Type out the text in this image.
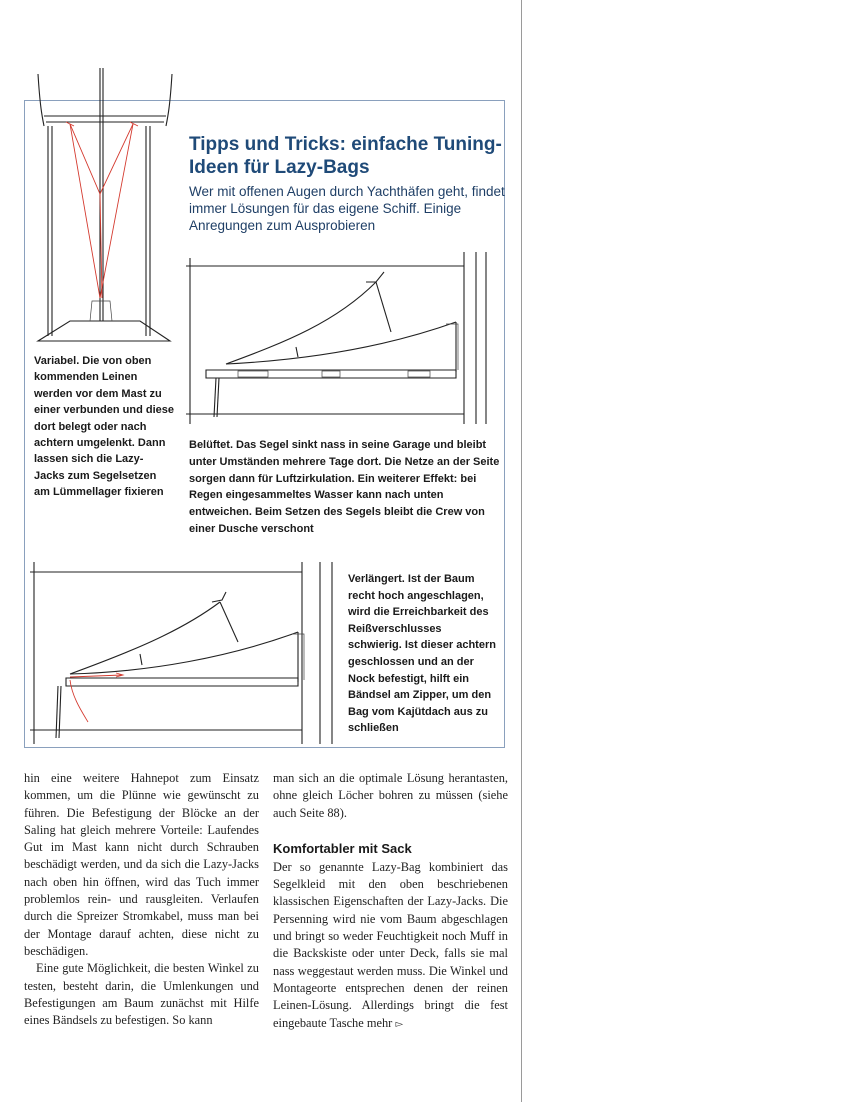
Tipps und Tricks: einfache Tuning-Ideen für Lazy-Bags

Wer mit offenen Augen durch Yachthäfen geht, findet immer Lösungen für das eigene Schiff. Einige Anregungen zum Ausprobieren

Variabel. Die von oben kommenden Leinen werden vor dem Mast zu einer verbunden und diese dort belegt oder nach achtern umgelenkt. Dann lassen sich die Lazy-Jacks zum Segelsetzen am Lümmellager fixieren

Belüftet. Das Segel sinkt nass in seine Garage und bleibt unter Umständen mehrere Tage dort. Die Netze an der Seite sorgen dann für Luftzirkulation. Ein weiterer Effekt: bei Regen eingesammeltes Wasser kann nach unten entweichen. Beim Setzen des Segels bleibt die Crew von einer Dusche verschont

Verlängert. Ist der Baum recht hoch angeschlagen, wird die Erreichbarkeit des Reißverschlusses schwierig. Ist dieser achtern geschlossen und an der Nock befestigt, hilft ein Bändsel am Zipper, um den Bag vom Kajütdach aus zu schließen

hin eine weitere Hahnepot zum Einsatz kommen, um die Plünne wie gewünscht zu führen. Die Befestigung der Blöcke an der Saling hat gleich mehrere Vorteile: Laufendes Gut im Mast kann nicht durch Schrauben beschädigt werden, und da sich die Lazy-Jacks nach oben hin öffnen, wird das Tuch immer problemlos rein- und rausgleiten. Verlaufen durch die Spreizer Stromkabel, muss man bei der Montage darauf achten, diese nicht zu beschädigen.

Eine gute Möglichkeit, die besten Winkel zu testen, besteht darin, die Umlenkungen und Befestigungen am Baum zunächst mit Hilfe eines Bändsels zu befestigen. So kann

man sich an die optimale Lösung herantasten, ohne gleich Löcher bohren zu müssen (siehe auch Seite 88).

Komfortabler mit Sack

Der so genannte Lazy-Bag kombiniert das Segelkleid mit den oben beschriebenen klassischen Eigenschaften der Lazy-Jacks. Die Persenning wird nie vom Baum abgeschlagen und bringt so weder Feuchtigkeit noch Muff in die Backskiste oder unter Deck, falls sie mal nass weggestaut werden muss. Die Winkel und Montageorte entsprechen denen der reinen Leinen-Lösung. Allerdings bringt die fest eingebaute Tasche mehr ▻
